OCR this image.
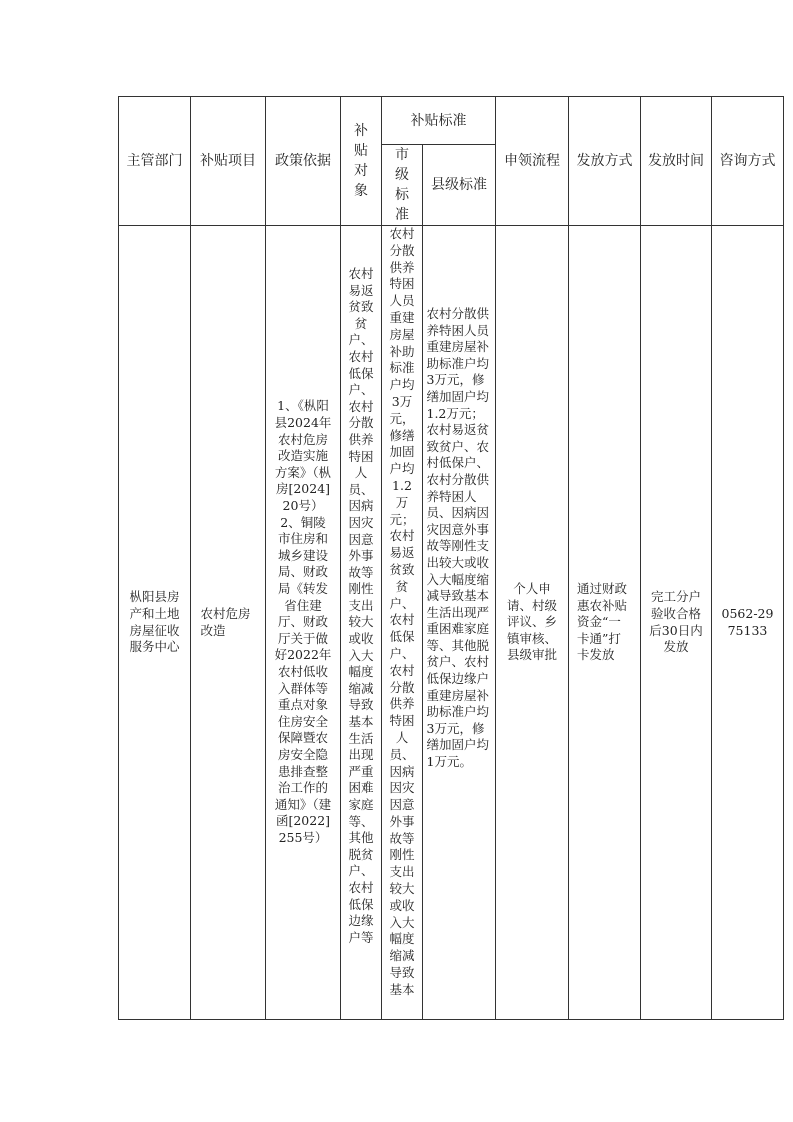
主管部门	补贴项目	政策依据	补贴对象	补贴标准		申领流程	发放方式	发放时间	咨询方式

				市级标准	县级标准				

枞阳县房产和土地房屋征收服务中心	农村危房改造	1、《枞阳县2024年农村危房改造实施方案》（枞房[2024]20号）2、铜陵市住房和城乡建设局、财政局《转发省住建厅、财政厅关于做好2022年农村低收入群体等重点对象住房安全保障暨农房安全隐患排查整治工作的通知》（建函[2022]255号）	农村易返贫致贫户、农村低保户、农村分散供养特困人员、因病因灾因意外事故等刚性支出较大或收入大幅度缩减导致基本生活出现严重困难家庭等、其他脱贫户、农村低保边缘户等	农村分散供养特困人员重建房屋补助标准户均3万元，修缮加固户均1.2万元；农村易返贫致贫户、农村低保户、农村分散供养特困人员、因病因灾因意外事故等刚性支出较大或收入大幅度缩减导致基本	农村分散供养特困人员重建房屋补助标准户均3万元，修缮加固户均1.2万元；农村易返贫致贫户、农村低保户、农村分散供养特困人员、因病因灾因意外事故等刚性支出较大或收入大幅度缩减导致基本生活出现严重困难家庭等、其他脱贫户、农村低保边缘户重建房屋补助标准户均3万元，修缮加固户均1万元。	个人申请、村级评议、乡镇审核、县级审批	通过财政惠农补贴资金“一卡通”打卡发放	完工分户验收合格后30日内发放	0562-2975133
